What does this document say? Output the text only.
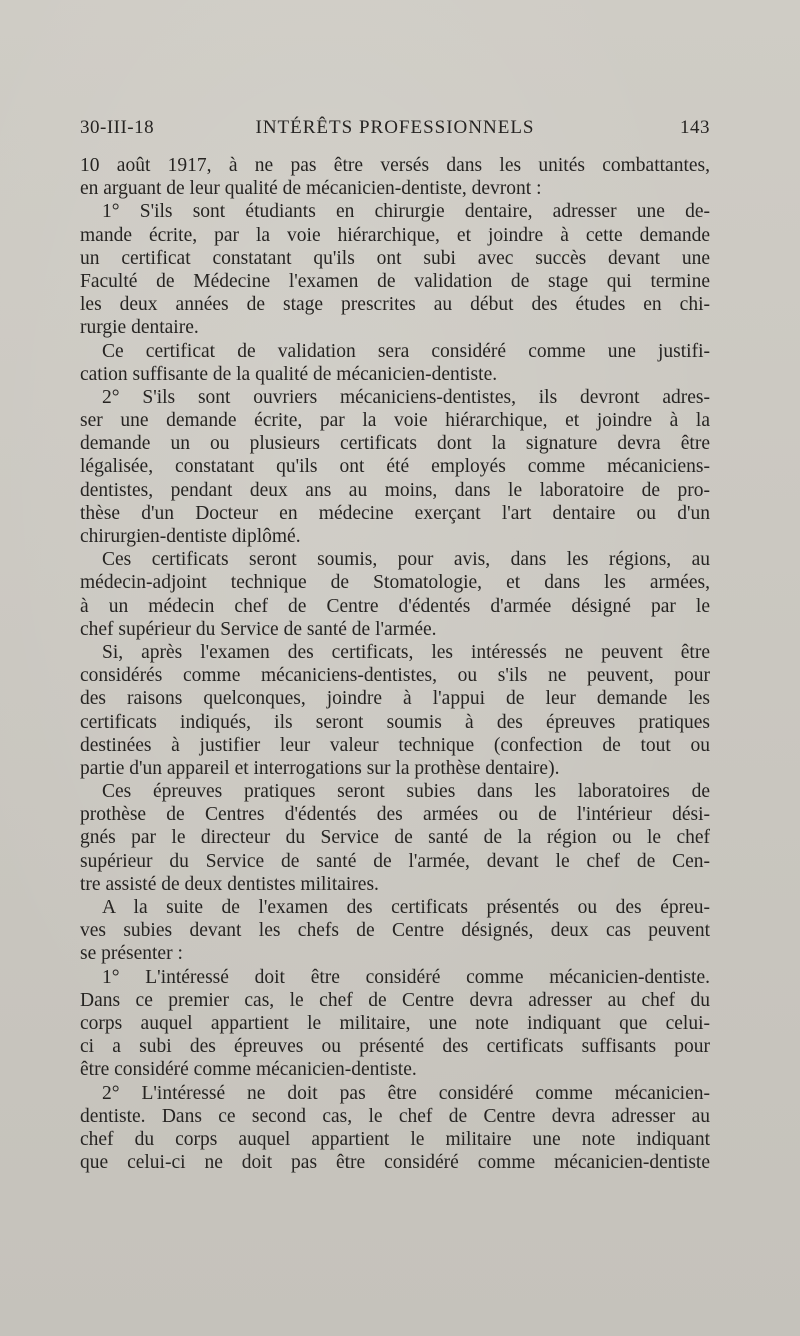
30-III-18	INTÉRÊTS PROFESSIONNELS	143
10 août 1917, à ne pas être versés dans les unités combattantes,
en arguant de leur qualité de mécanicien-dentiste, devront :
1° S'ils sont étudiants en chirurgie dentaire, adresser une de-
mande écrite, par la voie hiérarchique, et joindre à cette demande
un certificat constatant qu'ils ont subi avec succès devant une
Faculté de Médecine l'examen de validation de stage qui termine
les deux années de stage prescrites au début des études en chi-
rurgie dentaire.
Ce certificat de validation sera considéré comme une justifi-
cation suffisante de la qualité de mécanicien-dentiste.
2° S'ils sont ouvriers mécaniciens-dentistes, ils devront adres-
ser une demande écrite, par la voie hiérarchique, et joindre à la
demande un ou plusieurs certificats dont la signature devra être
légalisée, constatant qu'ils ont été employés comme mécaniciens-
dentistes, pendant deux ans au moins, dans le laboratoire de pro-
thèse d'un Docteur en médecine exerçant l'art dentaire ou d'un
chirurgien-dentiste diplômé.
Ces certificats seront soumis, pour avis, dans les régions, au
médecin-adjoint technique de Stomatologie, et dans les armées,
à un médecin chef de Centre d'édentés d'armée désigné par le
chef supérieur du Service de santé de l'armée.
Si, après l'examen des certificats, les intéressés ne peuvent être
considérés comme mécaniciens-dentistes, ou s'ils ne peuvent, pour
des raisons quelconques, joindre à l'appui de leur demande les
certificats indiqués, ils seront soumis à des épreuves pratiques
destinées à justifier leur valeur technique (confection de tout ou
partie d'un appareil et interrogations sur la prothèse dentaire).
Ces épreuves pratiques seront subies dans les laboratoires de
prothèse de Centres d'édentés des armées ou de l'intérieur dési-
gnés par le directeur du Service de santé de la région ou le chef
supérieur du Service de santé de l'armée, devant le chef de Cen-
tre assisté de deux dentistes militaires.
A la suite de l'examen des certificats présentés ou des épreu-
ves subies devant les chefs de Centre désignés, deux cas peuvent
se présenter :
1° L'intéressé doit être considéré comme mécanicien-dentiste.
Dans ce premier cas, le chef de Centre devra adresser au chef du
corps auquel appartient le militaire, une note indiquant que celui-
ci a subi des épreuves ou présenté des certificats suffisants pour
être considéré comme mécanicien-dentiste.
2° L'intéressé ne doit pas être considéré comme mécanicien-
dentiste. Dans ce second cas, le chef de Centre devra adresser au
chef du corps auquel appartient le militaire une note indiquant
que celui-ci ne doit pas être considéré comme mécanicien-dentiste
